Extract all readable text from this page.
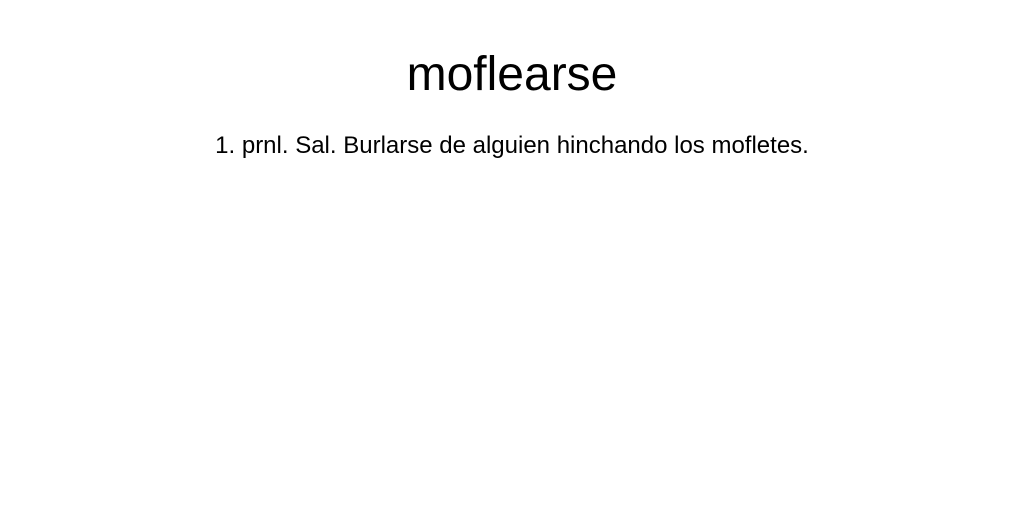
moflearse

1. prnl. Sal. Burlarse de alguien hinchando los mofletes.
